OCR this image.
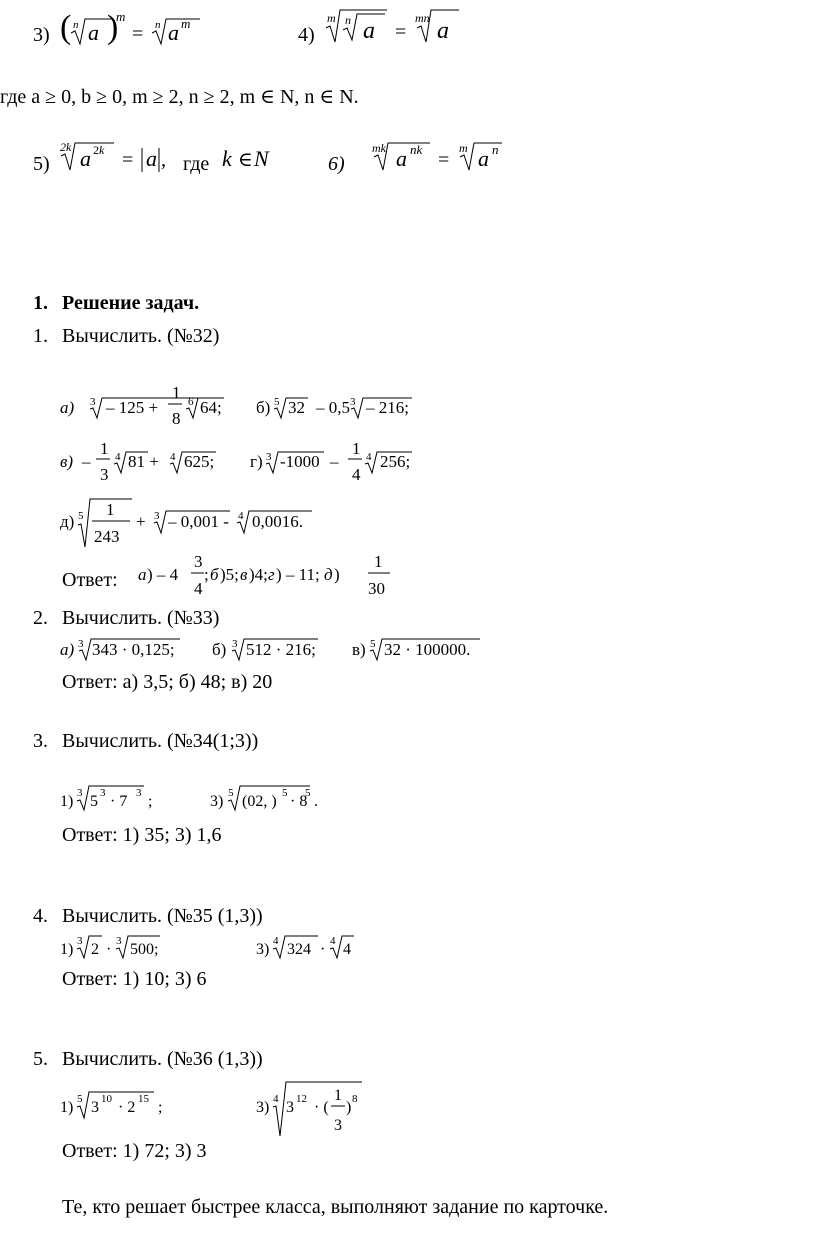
3) ( n a )
m
= n a m
4)
m n a =
mn a
где a ≥ 0, b ≥ 0, m ≥ 2, n ≥ 2, m ∈ N, n ∈ N.
5)
2k a 2k = a , где k ∈ N	6)
mk a nk =
m a n
1. Решение задач.
1. Вычислить. (№32)
а) 3 – 125 +
1
8
6 64; б) 5 32 – 0,5 3 – 216;
в) –
1
3
4 81 + 4 625; г) 3 -1000 –
1
4
4 256;
д) 5 1
243
+ 3 – 0,001 - 4 0,0016.
Ответ: а ) – 4
3
4
; б )5; в )4; г ) – 11; д )
1
30
2. Вычислить. (№33)
а) 3 343 · 0,125; б) 3 512 · 216; в) 5 32 · 100000.
Ответ: а) 3,5; б) 48; в) 20
3. Вычислить. (№34(1;3))
1) 3 5 3 · 7 3 ;	3) 5 (02, ) 5 · 8
5 .
Ответ: 1) 35; 3) 1,6
4. Вычислить. (№35 (1,3))
1) 3 2 · 3 500;	3) 4 324 · 4 4
Ответ: 1) 10; 3) 6
5. Вычислить. (№36 (1,3))
1) 5 3 10 · 2 15 ;	3) 4 3 12 · (
1
3
) 8
Ответ: 1) 72; 3) 3
Те, кто решает быстрее класса, выполняют задание по карточке.
